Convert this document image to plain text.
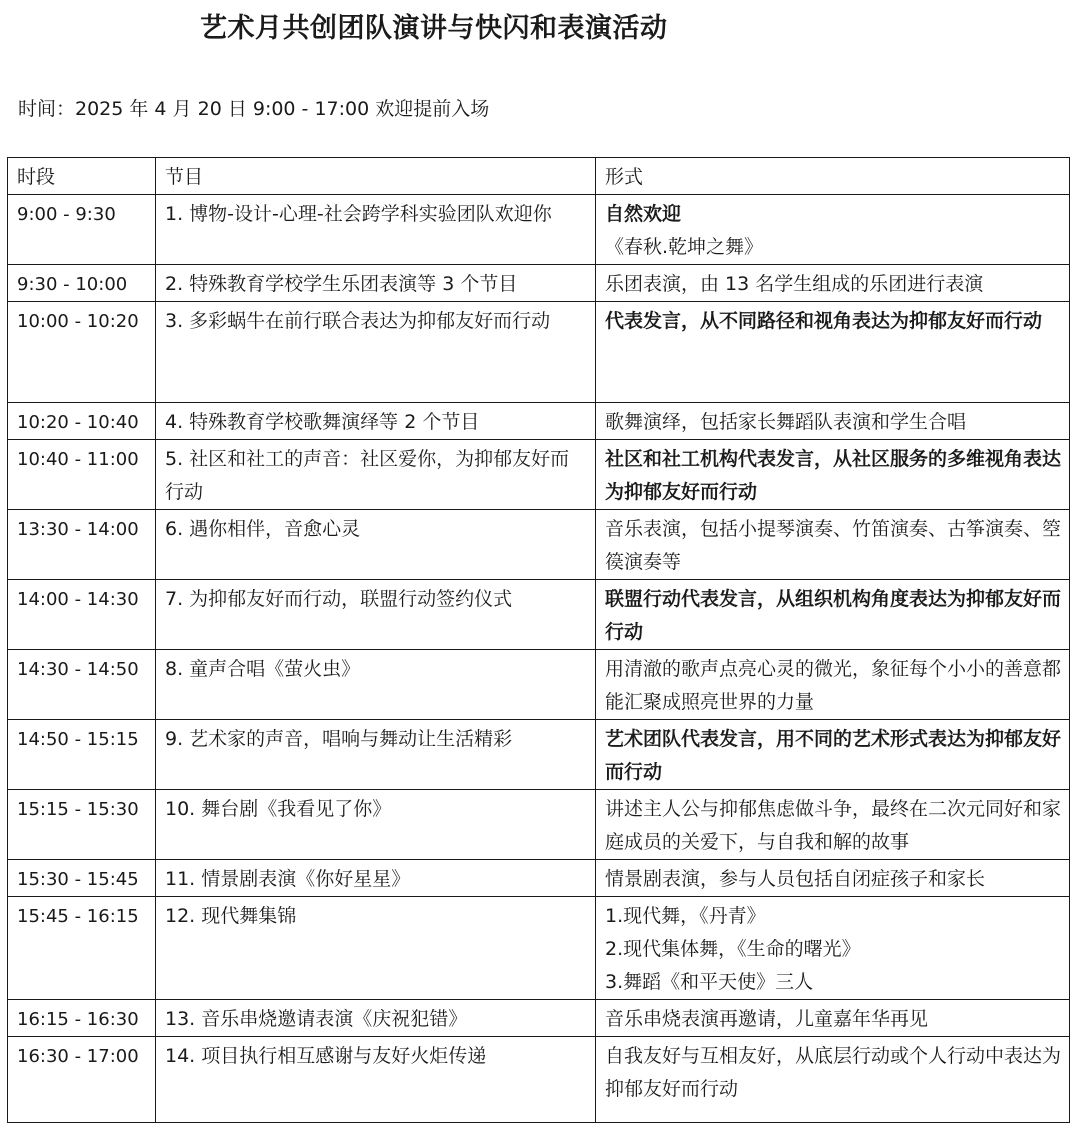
艺术月共创团队演讲与快闪和表演活动
时间：2025 年 4 月 20 日 9:00 - 17:00 欢迎提前入场
时段	节目	形式
9:00 - 9:30	1. 博物-设计-心理-社会跨学科实验团队欢迎你	自然欢迎
《春秋.乾坤之舞》

9:30 - 10:00	2. 特殊教育学校学生乐团表演等 3 个节目	乐团表演，由 13 名学生组成的乐团进行表演

10:00 - 10:20	3. 多彩蜗牛在前行联合表达为抑郁友好而行动	代表发言，从不同路径和视角表达为抑郁友好而行动

10:20 - 10:40	4. 特殊教育学校歌舞演绎等 2 个节目	歌舞演绎，包括家长舞蹈队表演和学生合唱

10:40 - 11:00	5. 社区和社工的声音：社区爱你，为抑郁友好而行动	社区和社工机构代表发言，从社区服务的多维视角表达为抑郁友好而行动

13:30 - 14:00	6. 遇你相伴，音愈心灵	音乐表演，包括小提琴演奏、竹笛演奏、古筝演奏、箜篌演奏等

14:00 - 14:30	7. 为抑郁友好而行动，联盟行动签约仪式	联盟行动代表发言，从组织机构角度表达为抑郁友好而行动

14:30 - 14:50	8. 童声合唱《萤火虫》	用清澈的歌声点亮心灵的微光，象征每个小小的善意都能汇聚成照亮世界的力量

14:50 - 15:15	9. 艺术家的声音，唱响与舞动让生活精彩	艺术团队代表发言，用不同的艺术形式表达为抑郁友好而行动

15:15 - 15:30	10. 舞台剧《我看见了你》	讲述主人公与抑郁焦虑做斗争，最终在二次元同好和家庭成员的关爱下，与自我和解的故事

15:30 - 15:45	11. 情景剧表演《你好星星》	情景剧表演，参与人员包括自闭症孩子和家长

15:45 - 16:15	12. 现代舞集锦	1.现代舞，《丹青》
2.现代集体舞，《生命的曙光》
3.舞蹈《和平天使》三人

16:15 - 16:30	13. 音乐串烧邀请表演《庆祝犯错》	音乐串烧表演再邀请，儿童嘉年华再见

16:30 - 17:00	14. 项目执行相互感谢与友好火炬传递	自我友好与互相友好，从底层行动或个人行动中表达为抑郁友好而行动
